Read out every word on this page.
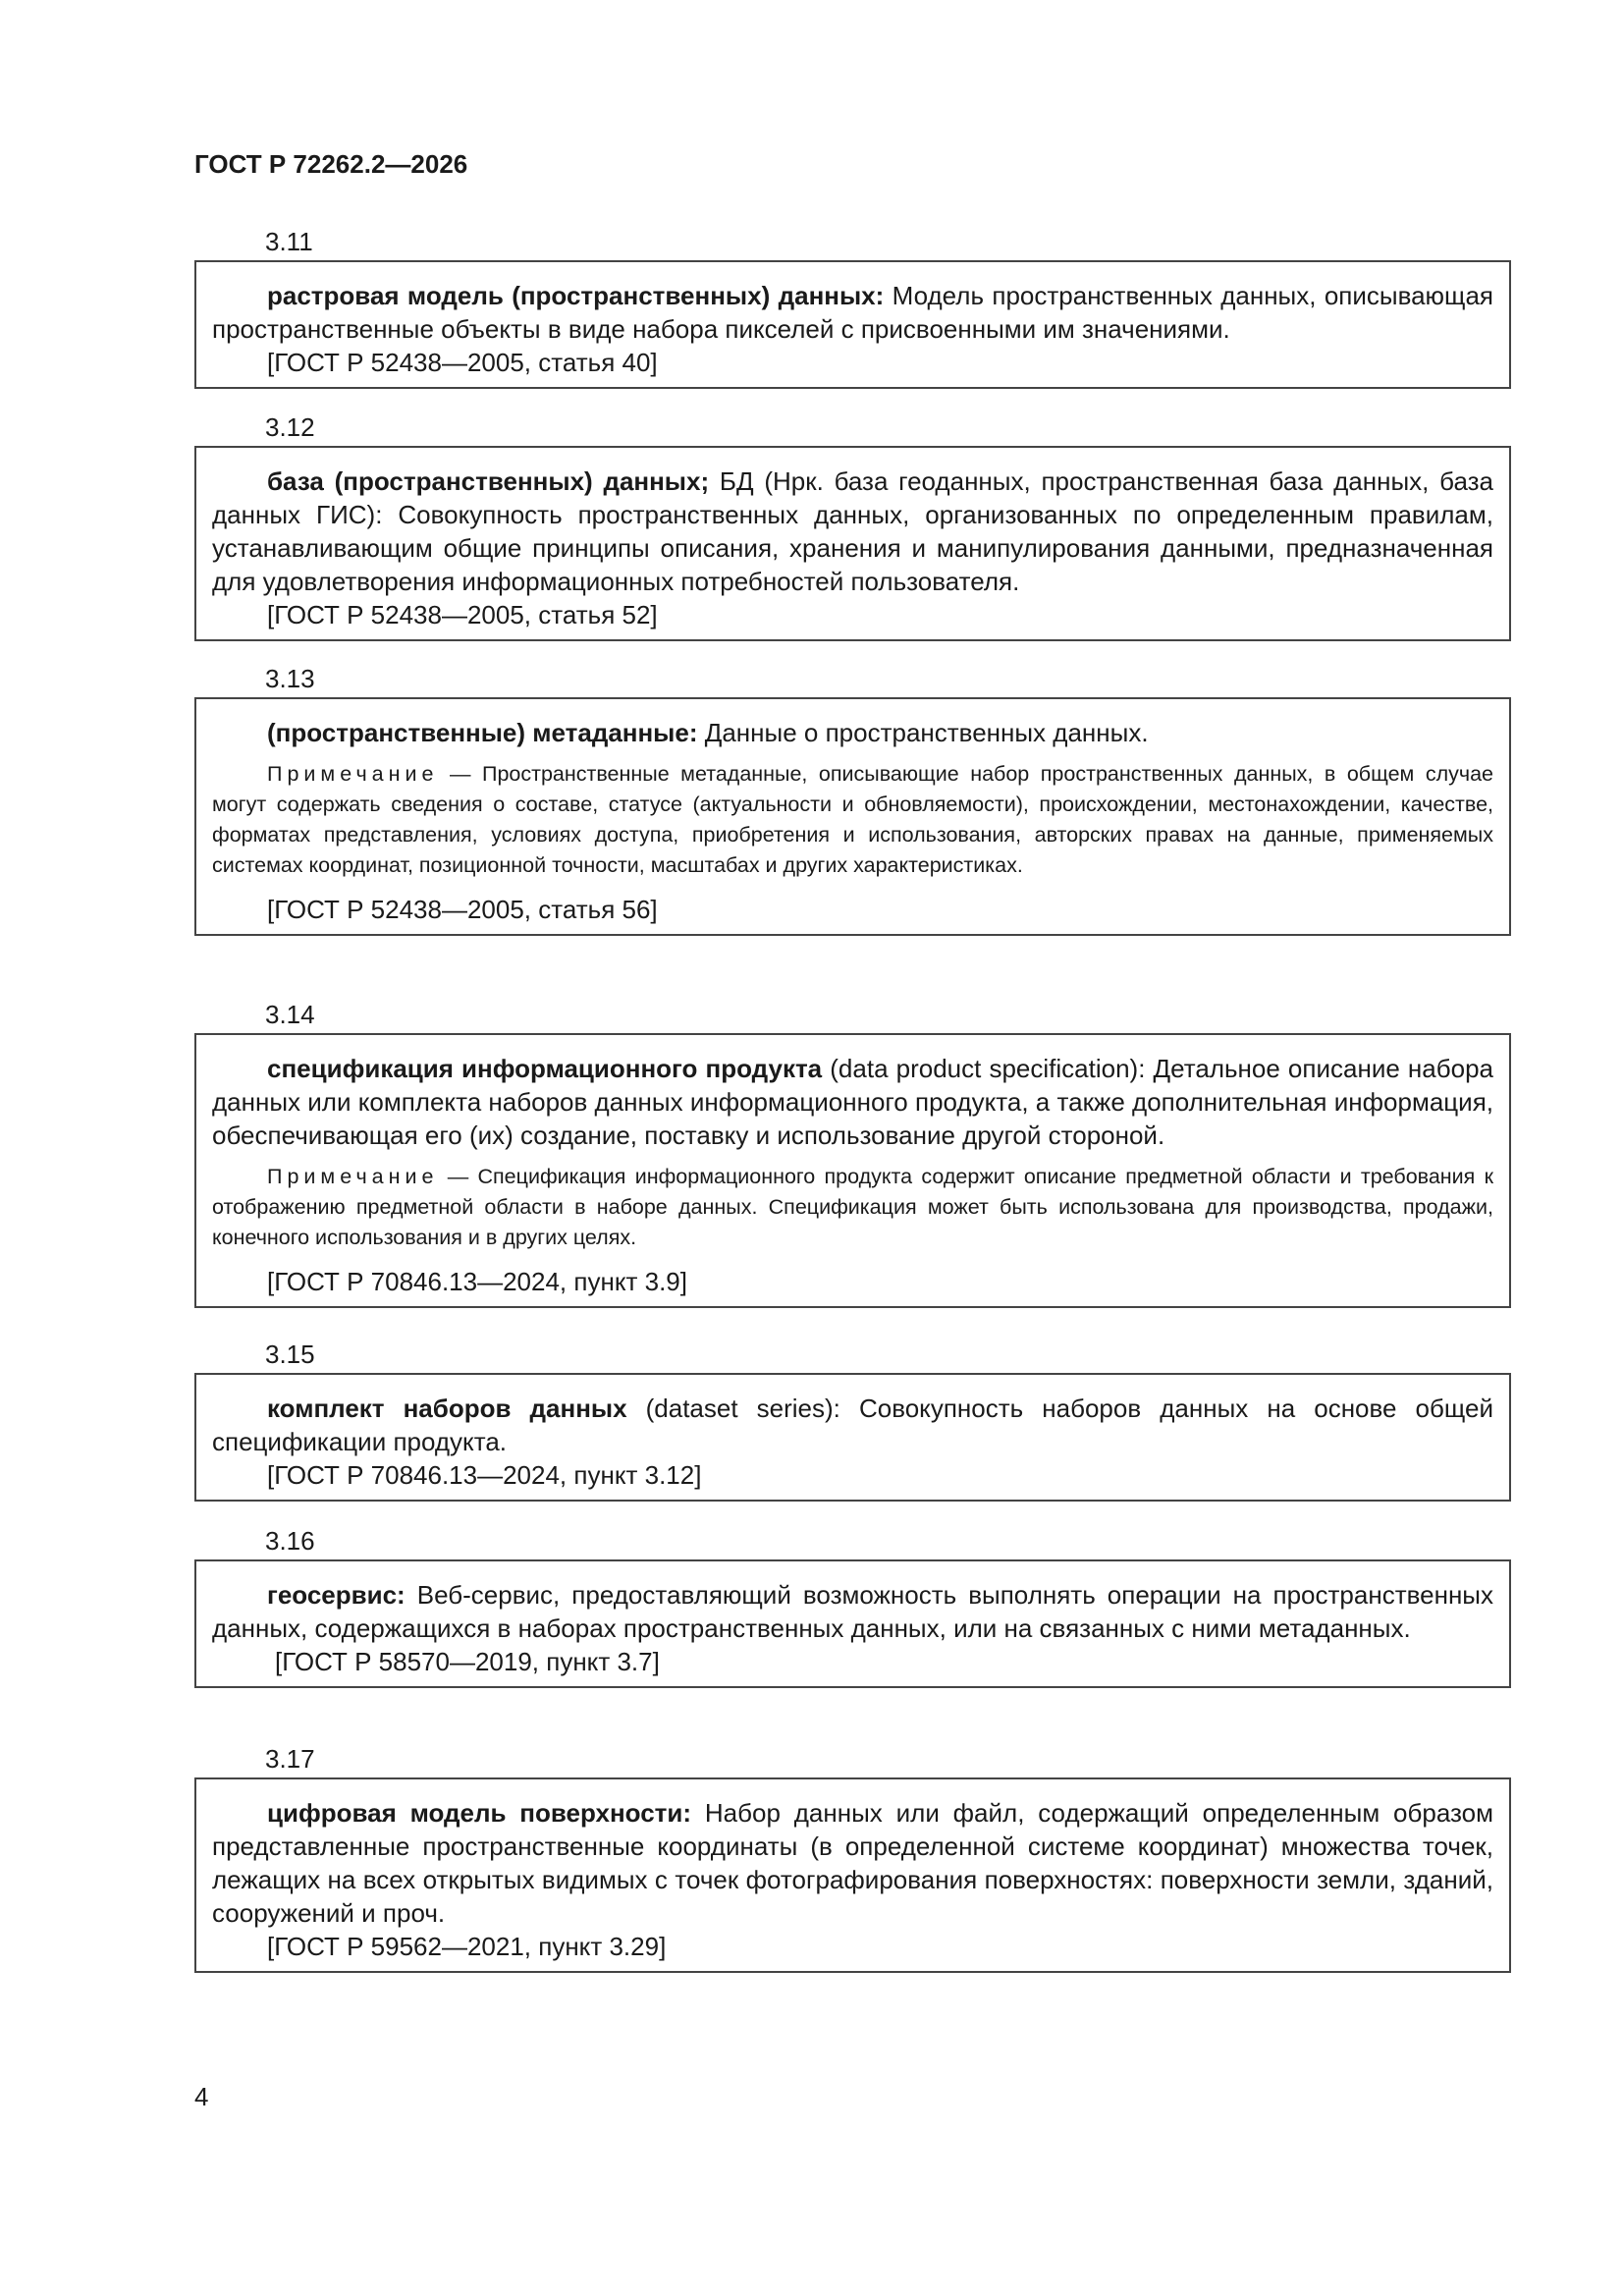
ГОСТ Р 72262.2—2026
3.11

растровая модель (пространственных) данных: Модель пространственных данных, описывающая пространственные объекты в виде набора пикселей с присвоенными им значениями.

[ГОСТ Р 52438—2005, статья 40]

3.12

база (пространственных) данных; БД (Нрк. база геоданных, пространственная база данных, база данных ГИС): Совокупность пространственных данных, организованных по определенным правилам, устанавливающим общие принципы описания, хранения и манипулирования данными, предназначенная для удовлетворения информационных потребностей пользователя.

[ГОСТ Р 52438—2005, статья 52]

3.13

(пространственные) метаданные: Данные о пространственных данных.

Примечание — Пространственные метаданные, описывающие набор пространственных данных, в общем случае могут содержать сведения о составе, статусе (актуальности и обновляемости), происхождении, местонахождении, качестве, форматах представления, условиях доступа, приобретения и использования, авторских правах на данные, применяемых системах координат, позиционной точности, масштабах и других характеристиках.

[ГОСТ Р 52438—2005, статья 56]

3.14

спецификация информационного продукта (data product specification): Детальное описание набора данных или комплекта наборов данных информационного продукта, а также дополнительная информация, обеспечивающая его (их) создание, поставку и использование другой стороной.

Примечание — Спецификация информационного продукта содержит описание предметной области и требования к отображению предметной области в наборе данных. Спецификация может быть использована для производства, продажи, конечного использования и в других целях.

[ГОСТ Р 70846.13—2024, пункт 3.9]

3.15

комплект наборов данных (dataset series): Совокупность наборов данных на основе общей спецификации продукта.

[ГОСТ Р 70846.13—2024, пункт 3.12]

3.16

геосервис: Веб-сервис, предоставляющий возможность выполнять операции на пространственных данных, содержащихся в наборах пространственных данных, или на связанных с ними метаданных.

[ГОСТ Р 58570—2019, пункт 3.7]

3.17

цифровая модель поверхности: Набор данных или файл, содержащий определенным образом представленные пространственные координаты (в определенной системе координат) множества точек, лежащих на всех открытых видимых с точек фотографирования поверхностях: поверхности земли, зданий, сооружений и проч.

[ГОСТ Р 59562—2021, пункт 3.29]

4
